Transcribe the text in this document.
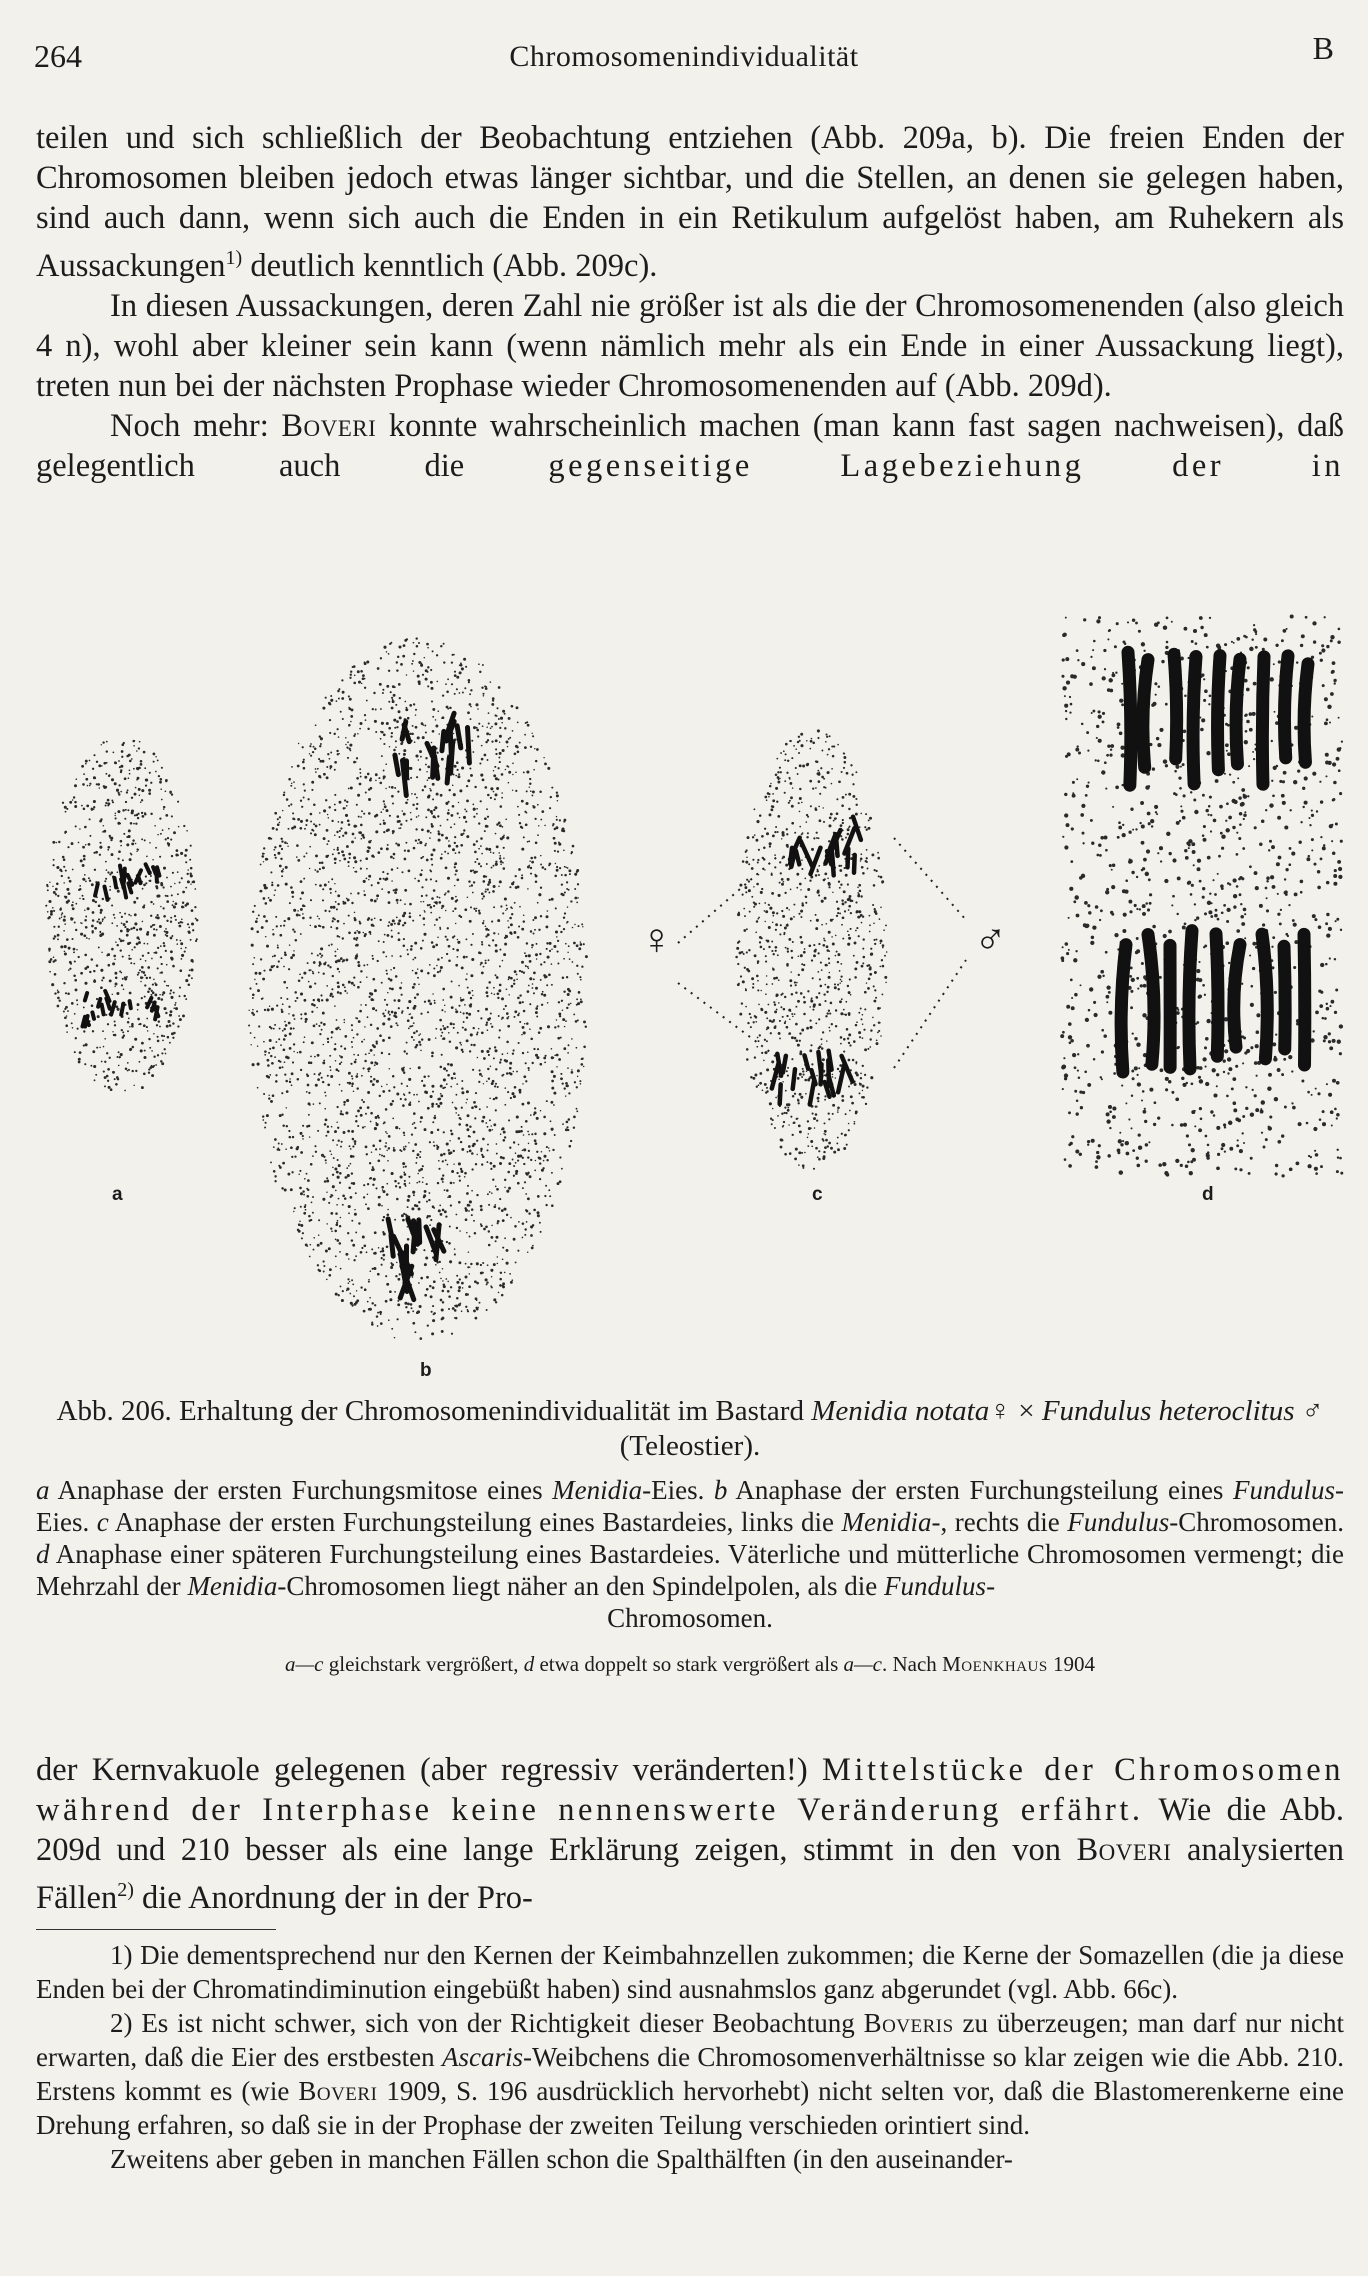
264	Chromosomenindividualität	B

teilen und sich schließlich der Beobachtung entziehen (Abb. 209a, b). Die freien Enden der Chromosomen bleiben jedoch etwas länger sichtbar, und die Stellen, an denen sie gelegen haben, sind auch dann, wenn sich auch die Enden in ein Retikulum aufgelöst haben, am Ruhekern als Aussackungen$^{1)}$ deutlich kenntlich (Abb. 209c).

In diesen Aussackungen, deren Zahl nie größer ist als die der Chromosomenenden (also gleich 4 n), wohl aber kleiner sein kann (wenn nämlich mehr als ein Ende in einer Aussackung liegt), treten nun bei der nächsten Prophase wieder Chromosomenenden auf (Abb. 209d).

Noch mehr: Boveri konnte wahrscheinlich machen (man kann fast sagen nachweisen), daß gelegentlich auch die gegenseitige Lagebeziehung der in

a
b
c	d
♀	♂
Abb. 206. Erhaltung der Chromosomenindividualität im Bastard Menidia notata♀ × Fundulus heteroclitus ♂ (Teleostier).
a Anaphase der ersten Furchungsmitose eines Menidia-Eies. b Anaphase der ersten Furchungsteilung eines Fundulus-Eies. c Anaphase der ersten Furchungsteilung eines Bastardeies, links die Menidia-, rechts die Fundulus-Chromosomen. d Anaphase einer späteren Furchungsteilung eines Bastardeies. Väterliche und mütterliche Chromosomen vermengt; die Mehrzahl der Menidia-Chromosomen liegt näher an den Spindelpolen, als die Fundulus-
Chromosomen.
a—c gleichstark vergrößert, d etwa doppelt so stark vergrößert als a—c. Nach Moenkhaus 1904

der Kernvakuole gelegenen (aber regressiv veränderten!) Mittelstücke der Chromosomen während der Interphase keine nennenswerte Veränderung erfährt. Wie die Abb. 209d und 210 besser als eine lange Erklärung zeigen, stimmt in den von Boveri analysierten Fällen$^{2)}$ die Anordnung der in der Pro-

1) Die dementsprechend nur den Kernen der Keimbahnzellen zukommen; die Kerne der Somazellen (die ja diese Enden bei der Chromatindiminution eingebüßt haben) sind ausnahmslos ganz abgerundet (vgl. Abb. 66c).

2) Es ist nicht schwer, sich von der Richtigkeit dieser Beobachtung Boveris zu überzeugen; man darf nur nicht erwarten, daß die Eier des erstbesten Ascaris-Weibchens die Chromosomenverhältnisse so klar zeigen wie die Abb. 210. Erstens kommt es (wie Boveri 1909, S. 196 ausdrücklich hervorhebt) nicht selten vor, daß die Blastomerenkerne eine Drehung erfahren, so daß sie in der Prophase der zweiten Teilung verschieden orintiert sind.

Zweitens aber geben in manchen Fällen schon die Spalthälften (in den auseinander-
